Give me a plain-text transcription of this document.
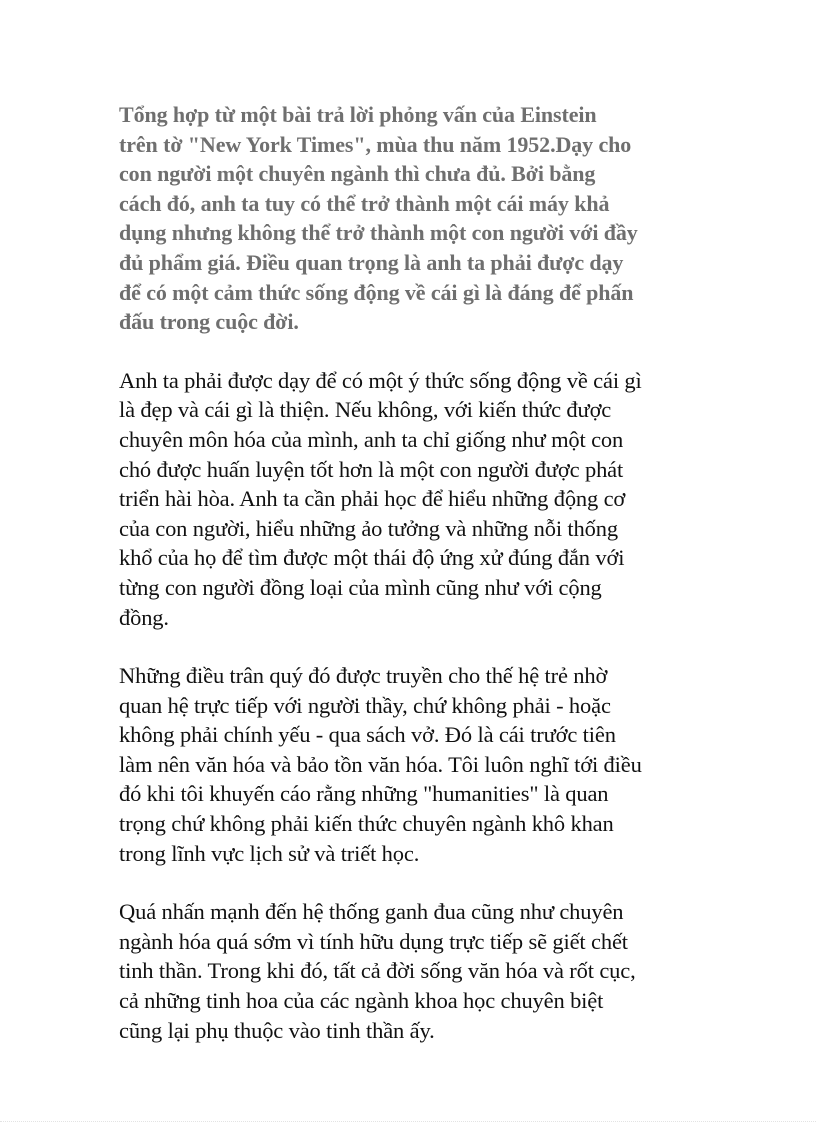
Tổng hợp từ một bài trả lời phỏng vấn của Einstein
trên tờ "New York Times", mùa thu năm 1952.Dạy cho
con người một chuyên ngành thì chưa đủ. Bởi bằng
cách đó, anh ta tuy có thể trở thành một cái máy khả
dụng nhưng không thể trở thành một con người với đầy
đủ phẩm giá. Điều quan trọng là anh ta phải được dạy
để có một cảm thức sống động về cái gì là đáng để phấn
đấu trong cuộc đời.

Anh ta phải được dạy để có một ý thức sống động về cái gì
là đẹp và cái gì là thiện. Nếu không, với kiến thức được
chuyên môn hóa của mình, anh ta chỉ giống như một con
chó được huấn luyện tốt hơn là một con người được phát
triển hài hòa. Anh ta cần phải học để hiểu những động cơ
của con người, hiểu những ảo tưởng và những nỗi thống
khổ của họ để tìm được một thái độ ứng xử đúng đắn với
từng con người đồng loại của mình cũng như với cộng
đồng.

Những điều trân quý đó được truyền cho thế hệ trẻ nhờ
quan hệ trực tiếp với người thầy, chứ không phải - hoặc
không phải chính yếu - qua sách vở. Đó là cái trước tiên
làm nên văn hóa và bảo tồn văn hóa. Tôi luôn nghĩ tới điều
đó khi tôi khuyến cáo rằng những "humanities" là quan
trọng chứ không phải kiến thức chuyên ngành khô khan
trong lĩnh vực lịch sử và triết học.

Quá nhấn mạnh đến hệ thống ganh đua cũng như chuyên
ngành hóa quá sớm vì tính hữu dụng trực tiếp sẽ giết chết
tinh thần. Trong khi đó, tất cả đời sống văn hóa và rốt cục,
cả những tinh hoa của các ngành khoa học chuyên biệt
cũng lại phụ thuộc vào tinh thần ấy.
